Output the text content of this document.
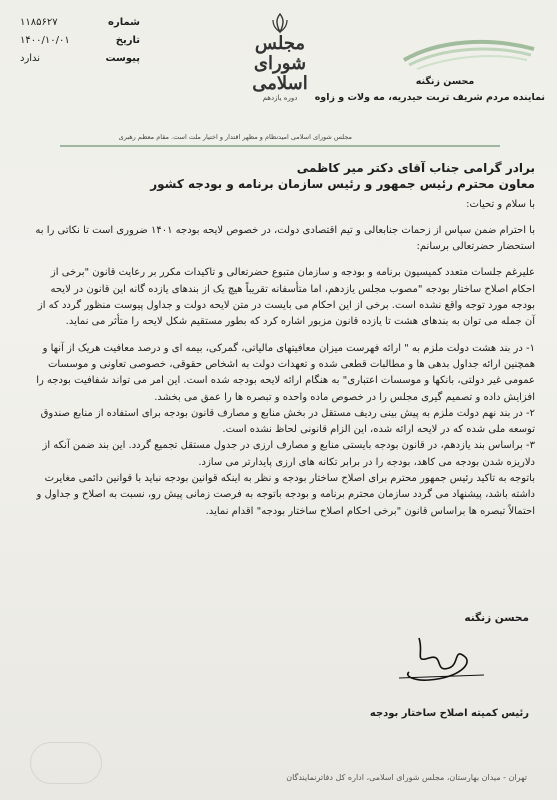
شماره
۱۱۸۵۶۲۷
تاریخ
۱۴۰۰/۱۰/۰۱
پیوست
ندارد
مجلس شورای اسلامی
دوره یازدهم
محسن زنگنه
نماینده مردم شریف تربت حیدریه، مه ولات و زاوه
مجلس شورای اسلامی امیدنظام و مظهر اقتدار و اختیار ملت است. مقام معظم رهبری

برادر گرامی جناب آقای دکتر میر کاظمی

معاون محترم رئیس جمهور و رئیس سازمان برنامه و بودجه کشور

با سلام و تحیات:

با احترام ضمن سپاس از زحمات جنابعالی و تیم اقتصادی دولت، در خصوص لایحه بودجه ۱۴۰۱ ضروری است تا نکاتی را به استحضار حضرتعالی برسانم:

علیرغم جلسات متعدد کمیسیون برنامه و بودجه و سازمان متبوع حضرتعالی و تاکیدات مکرر بر رعایت قانون "برخی از احکام اصلاح ساختار بودجه "مصوب مجلس یازدهم، اما متأسفانه تقریباً هیچ یک از بندهای یازده گانه این قانون در لایحه بودجه مورد توجه واقع نشده است. برخی از این احکام می بایست در متن لایحه دولت و جداول پیوست منظور گردد که از آن جمله می توان به بندهای هشت تا یازده قانون مزبور اشاره کرد که بطور مستقیم شکل لایحه را متأثر می نماید.

۱- در بند هشت دولت ملزم به " ارائه فهرست میزان معافیتهای مالیاتی، گمرکی، بیمه ای و درصد معافیت هریک از آنها و همچنین ارائه جداول بدهی ها و مطالبات قطعی شده و تعهدات دولت به اشخاص حقوقی، خصوصی تعاونی و موسسات عمومی غیر دولتی، بانکها و موسسات اعتباری" به هنگام ارائه لایحه بودجه شده است. این امر می تواند شفافیت بودجه را افزایش داده و تصمیم گیری مجلس را در خصوص ماده واحده و تبصره ها را عمق می بخشد.

۲- در بند نهم دولت ملزم به پیش بینی ردیف مستقل در بخش منابع و مصارف قانون بودجه برای استفاده از منابع صندوق توسعه ملی شده که در لایحه ارائه شده، این الزام قانونی لحاظ نشده است.

۳- براساس بند یازدهم، در قانون بودجه بایستی منابع و مصارف ارزی در جدول مستقل تجمیع گردد. این بند ضمن آنکه از دلاریزه شدن بودجه می کاهد، بودجه را در برابر تکانه های ارزی پایدارتر می سازد.

باتوجه به تاکید رئیس جمهور محترم برای اصلاح ساختار بودجه و نظر به اینکه قوانین بودجه نباید با قوانین دائمی مغایرت داشته باشد، پیشنهاد می گردد سازمان محترم برنامه و بودجه باتوجه به فرصت زمانی پیش رو، نسبت به اصلاح و جداول و احتمالاً تبصره ها براساس قانون "برخی احکام اصلاح ساختار بودجه" اقدام نماید.

محسن زنگنه
رئیس کمیته اصلاح ساختار بودجه
تهران - میدان بهارستان، مجلس شورای اسلامی، اداره کل دفاترنمایندگان
